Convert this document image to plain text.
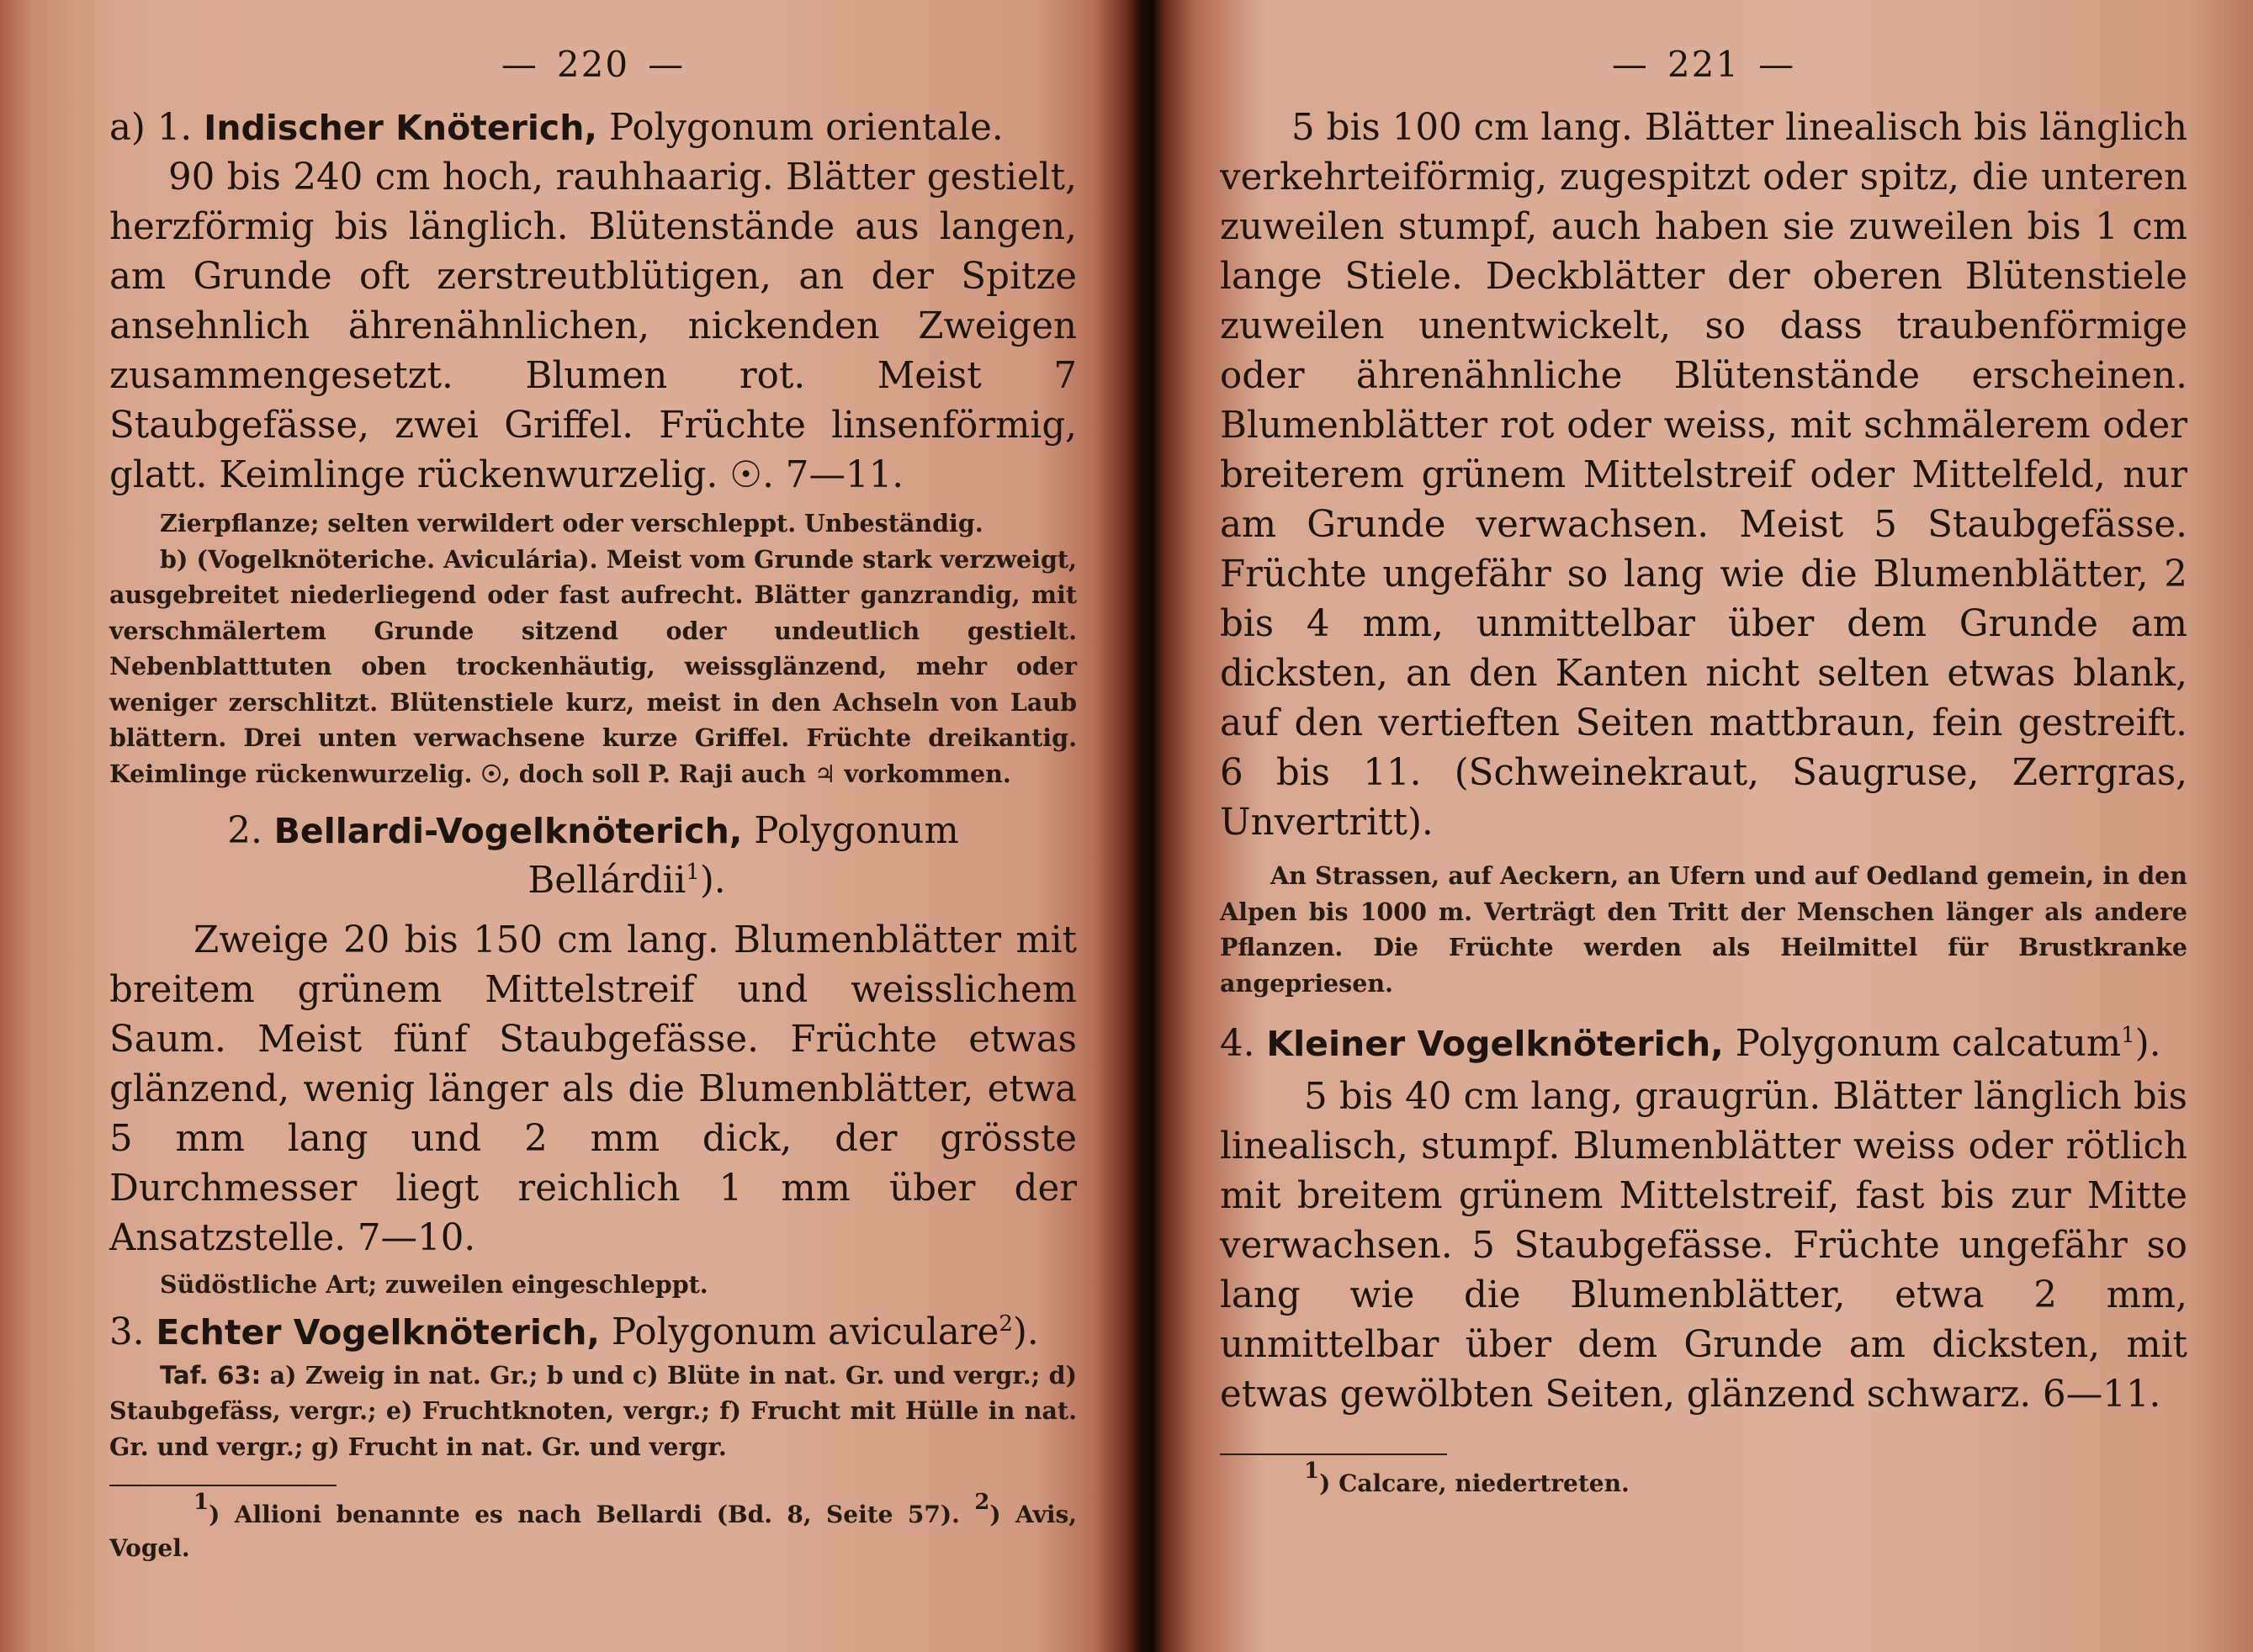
— 220 —

a) 1. Indischer Knöterich, Polygonum orientale.

90 bis 240 cm hoch, rauhhaarig. Blätter gestielt, herzförmig bis länglich. Blütenstände aus langen, am Grunde oft zerstreutblütigen, an der Spitze ansehnlich ährenähnlichen, nickenden Zweigen zusammengesetzt. Blumen rot. Meist 7 Staubgefässe, zwei Griffel. Früchte linsenförmig, glatt. Keimlinge rückenwurzelig. ☉. 7—11.

Zierpflanze; selten verwildert oder verschleppt. Unbeständig.

b) (Vogelknöteriche. Aviculária). Meist vom Grunde stark verzweigt, ausgebreitet niederliegend oder fast aufrecht. Blätter ganzrandig, mit verschmälertem Grunde sitzend oder undeutlich gestielt. Nebenblatttuten oben trockenhäutig, weissglänzend, mehr oder weniger zerschlitzt. Blütenstiele kurz, meist in den Achseln von Laub blättern. Drei unten verwachsene kurze Griffel. Früchte dreikantig. Keimlinge rückenwurzelig. ☉, doch soll P. Raji auch ♃ vorkommen.

2. Bellardi-Vogelknöterich, Polygonum

Bellárdii$^1$).

Zweige 20 bis 150 cm lang. Blumenblätter mit breitem grünem Mittelstreif und weisslichem Saum. Meist fünf Staubgefässe. Früchte etwas glänzend, wenig länger als die Blumenblätter, etwa 5 mm lang und 2 mm dick, der grösste Durchmesser liegt reichlich 1 mm über der Ansatzstelle. 7—10.

Südöstliche Art; zuweilen eingeschleppt.

3. Echter Vogelknöterich, Polygonum aviculare$^2$).

Taf. 63: a) Zweig in nat. Gr.; b und c) Blüte in nat. Gr. und vergr.; d) Staubgefäss, vergr.; e) Fruchtknoten, vergr.; f) Frucht mit Hülle in nat. Gr. und vergr.; g) Frucht in nat. Gr. und vergr.

$^1$) Allioni benannte es nach Bellardi (Bd. 8, Seite 57). $^2$) Avis, Vogel.

— 221 —

5 bis 100 cm lang. Blätter linealisch bis länglich verkehrteiförmig, zugespitzt oder spitz, die unteren zuweilen stumpf, auch haben sie zuweilen bis 1 cm lange Stiele. Deckblätter der oberen Blütenstiele zuweilen unentwickelt, so dass traubenförmige oder ährenähnliche Blütenstände erscheinen. Blumenblätter rot oder weiss, mit schmälerem oder breiterem grünem Mittelstreif oder Mittelfeld, nur am Grunde verwachsen. Meist 5 Staubgefässe. Früchte ungefähr so lang wie die Blumenblätter, 2 bis 4 mm, unmittelbar über dem Grunde am dicksten, an den Kanten nicht selten etwas blank, auf den vertieften Seiten mattbraun, fein gestreift. 6 bis 11. (Schweinekraut, Saugruse, Zerrgras, Unvertritt).

An Strassen, auf Aeckern, an Ufern und auf Oedland gemein, in den Alpen bis 1000 m. Verträgt den Tritt der Menschen länger als andere Pflanzen. Die Früchte werden als Heilmittel für Brustkranke angepriesen.

4. Kleiner Vogelknöterich, Polygonum calcatum$^1$).

5 bis 40 cm lang, graugrün. Blätter länglich bis linealisch, stumpf. Blumenblätter weiss oder rötlich mit breitem grünem Mittelstreif, fast bis zur Mitte verwachsen. 5 Staubgefässe. Früchte ungefähr so lang wie die Blumenblätter, etwa 2 mm, unmittelbar über dem Grunde am dicksten, mit etwas gewölbten Seiten, glänzend schwarz. 6—11.

$^1$) Calcare, niedertreten.
